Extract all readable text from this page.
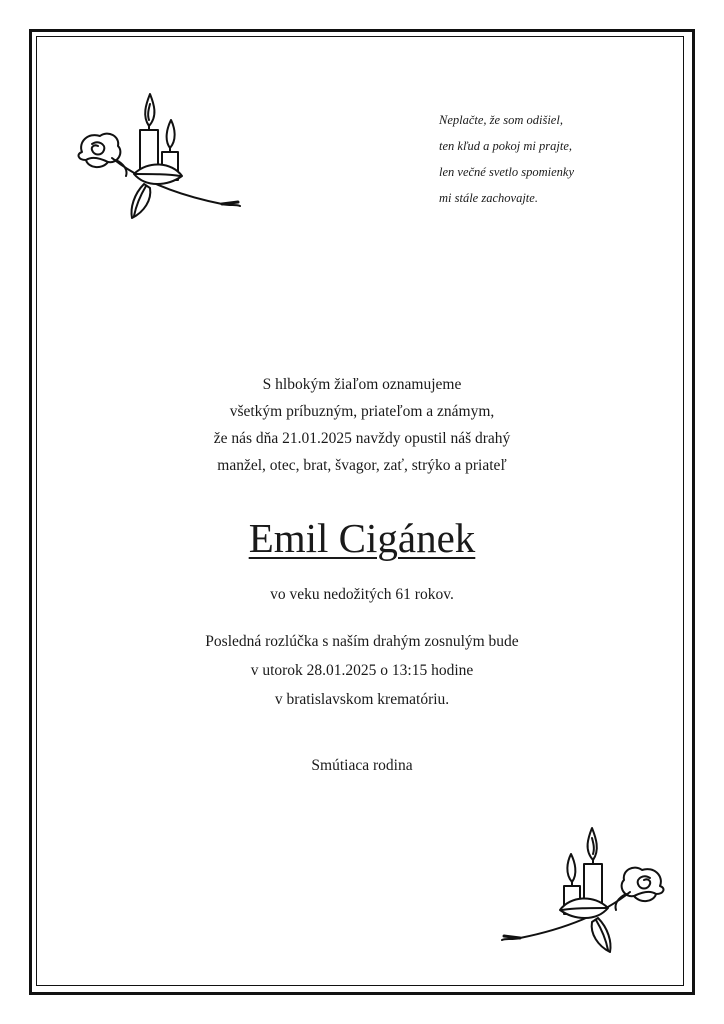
Neplačte, že som odišiel,
ten kľud a pokoj mi prajte,
len večné svetlo spomienky
mi stále zachovajte.
S hlbokým žiaľom oznamujeme
všetkým príbuzným, priateľom a známym,
že nás dňa 21.01.2025 navždy opustil náš drahý
manžel, otec, brat, švagor, zať, strýko a priateľ
Emil Cigánek
vo veku nedožitých 61 rokov.
Posledná rozlúčka s naším drahým zosnulým bude
v utorok 28.01.2025 o 13:15 hodine
v bratislavskom krematóriu.
Smútiaca rodina
